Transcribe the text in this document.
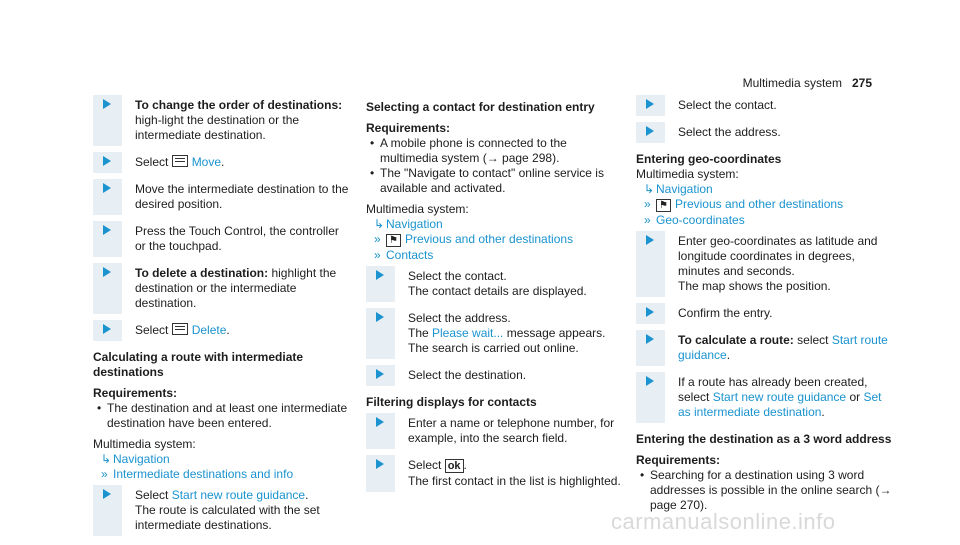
Multimedia system 275
To change the order of destinations: high-light the destination or the intermediate destination.
Select Move.
Move the intermediate destination to the desired position.
Press the Touch Control, the controller or the touchpad.
To delete a destination: highlight the destination or the intermediate destination.
Select Delete.
Calculating a route with intermediate destinations
Requirements:
• The destination and at least one intermediate destination have been entered.
Multimedia system:
↳ Navigation
» Intermediate destinations and info
Select Start new route guidance.
The route is calculated with the set intermediate destinations.
Selecting a contact for destination entry
Requirements:
• A mobile phone is connected to the multimedia system (→ page 298).
• The "Navigate to contact" online service is available and activated.
Multimedia system:
↳ Navigation
» ⚑ Previous and other destinations
» Contacts
Select the contact.
The contact details are displayed.
Select the address.
The Please wait... message appears. The search is carried out online.
Select the destination.
Filtering displays for contacts
Enter a name or telephone number, for example, into the search field.
Select ok .
The first contact in the list is highlighted.
Select the contact.
Select the address.
Entering geo-coordinates
Multimedia system:
↳ Navigation
» ⚑ Previous and other destinations
» Geo-coordinates
Enter geo-coordinates as latitude and longitude coordinates in degrees, minutes and seconds.
The map shows the position.
Confirm the entry.
To calculate a route: select Start route guidance.
If a route has already been created, select Start new route guidance or Set as intermediate destination.
Entering the destination as a 3 word address
Requirements:
• Searching for a destination using 3 word addresses is possible in the online search (→ page 270).
carmanualsonline.info
